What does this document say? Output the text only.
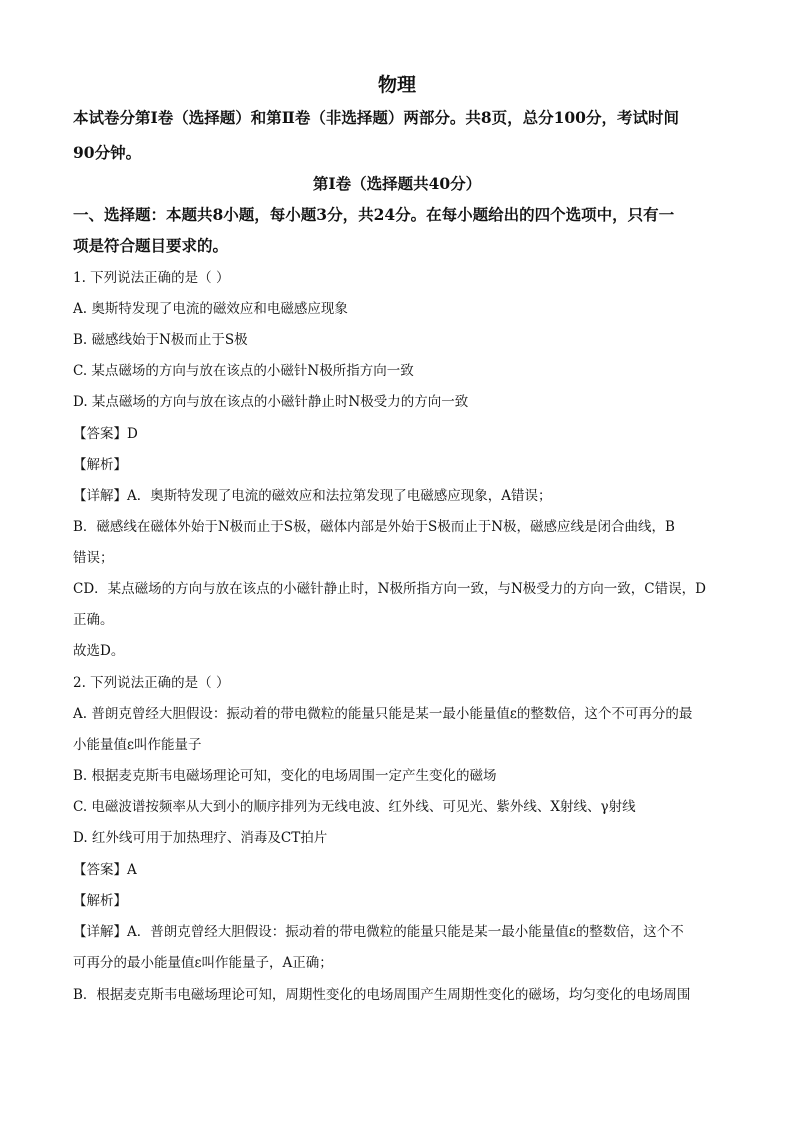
物理
本试卷分第Ⅰ卷（选择题）和第Ⅱ卷（非选择题）两部分。共8页，总分100分，考试时间
90分钟。
第Ⅰ卷（选择题共40分）
一、选择题：本题共8小题，每小题3分，共24分。在每小题给出的四个选项中，只有一
项是符合题目要求的。
1. 下列说法正确的是（ ）
A. 奥斯特发现了电流的磁效应和电磁感应现象
B. 磁感线始于N极而止于S极
C. 某点磁场的方向与放在该点的小磁针N极所指方向一致
D. 某点磁场的方向与放在该点的小磁针静止时N极受力的方向一致
【答案】D
【解析】
【详解】A．奥斯特发现了电流的磁效应和法拉第发现了电磁感应现象，A错误；
B．磁感线在磁体外始于N极而止于S极，磁体内部是外始于S极而止于N极，磁感应线是闭合曲线，B
错误；
CD．某点磁场的方向与放在该点的小磁针静止时，N极所指方向一致，与N极受力的方向一致，C错误，D
正确。
故选D。
2. 下列说法正确的是（ ）
A. 普朗克曾经大胆假设：振动着的带电微粒的能量只能是某一最小能量值ε的整数倍，这个不可再分的最
小能量值ε叫作能量子
B. 根据麦克斯韦电磁场理论可知，变化的电场周围一定产生变化的磁场
C. 电磁波谱按频率从大到小的顺序排列为无线电波、红外线、可见光、紫外线、X射线、γ射线
D. 红外线可用于加热理疗、消毒及CT拍片
【答案】A
【解析】
【详解】A．普朗克曾经大胆假设：振动着的带电微粒的能量只能是某一最小能量值ε的整数倍，这个不
可再分的最小能量值ε叫作能量子，A正确；
B．根据麦克斯韦电磁场理论可知，周期性变化的电场周围产生周期性变化的磁场，均匀变化的电场周围
